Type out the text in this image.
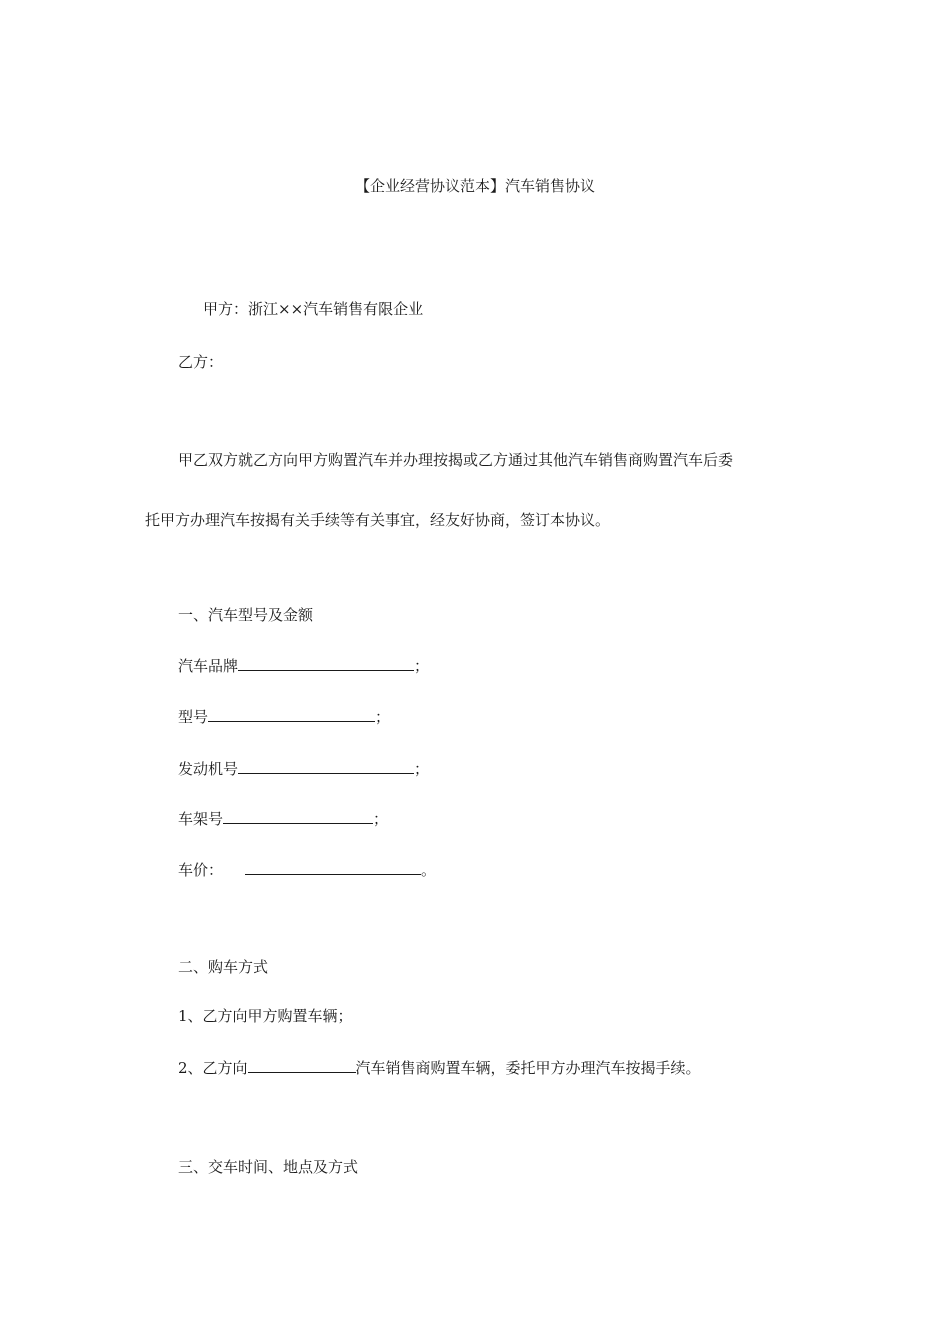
【企业经营协议范本】汽车销售协议
甲方：浙江××汽车销售有限企业
乙方：
甲乙双方就乙方向甲方购置汽车并办理按揭或乙方通过其他汽车销售商购置汽车后委
托甲方办理汽车按揭有关手续等有关事宜，经友好协商，签订本协议。
一、汽车型号及金额
汽车品牌	；
型号	；
发动机号	；
车架号	；
车价：	。
二、购车方式
1、乙方向甲方购置车辆；
2、乙方向	汽车销售商购置车辆，委托甲方办理汽车按揭手续。
三、交车时间、地点及方式
